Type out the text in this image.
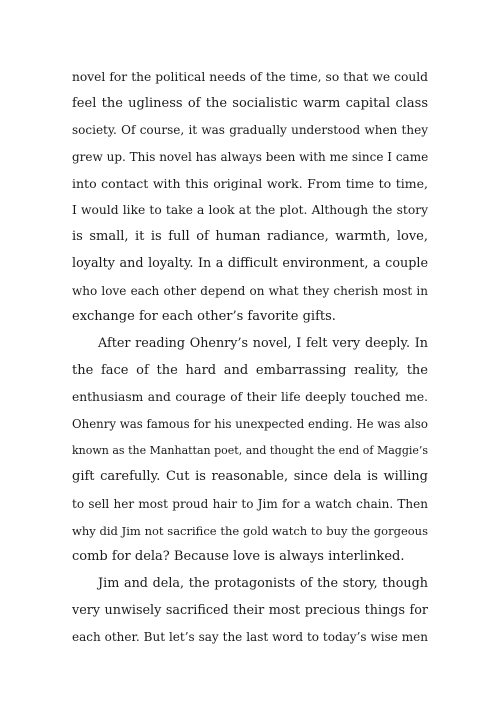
novel for the political needs of the time, so that we could
feel the ugliness of the socialistic warm capital class
society. Of course, it was gradually understood when they
grew up. This novel has always been with me since I came
into contact with this original work. From time to time,
I would like to take a look at the plot. Although the story
is small, it is full of human radiance, warmth, love,
loyalty and loyalty. In a difficult environment, a couple
who love each other depend on what they cherish most in
exchange for each other’s favorite gifts.
After reading Ohenry’s novel, I felt very deeply. In
the face of the hard and embarrassing reality, the
enthusiasm and courage of their life deeply touched me.
Ohenry was famous for his unexpected ending. He was also
known as the Manhattan poet, and thought the end of Maggie’s
gift carefully. Cut is reasonable, since dela is willing
to sell her most proud hair to Jim for a watch chain. Then
why did Jim not sacrifice the gold watch to buy the gorgeous
comb for dela? Because love is always interlinked.
Jim and dela, the protagonists of the story, though
very unwisely sacrificed their most precious things for
each other. But let’s say the last word to today’s wise men
